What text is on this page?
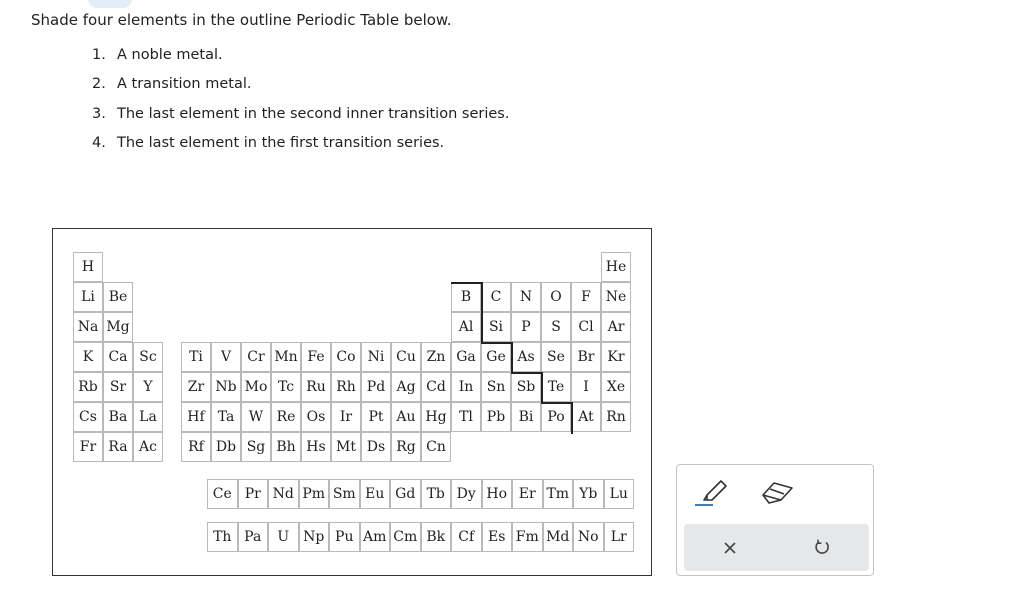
Shade four elements in the outline Periodic Table below.
1. A noble metal.
2. A transition metal.
3. The last element in the second inner transition series.
4. The last element in the first transition series.
H	He
Li Be	B	C	N	O	F	Ne
Na Mg	Al	Si	P	S	Cl	Ar
K	Ca Sc	Ti	V	Cr Mn Fe Co Ni Cu Zn Ga Ge As Se Br Kr
Rb Sr	Y	Zr Nb Mo Tc Ru Rh Pd Ag Cd In Sn Sb Te	I	Xe
Cs Ba La	Hf Ta	W Re Os	Ir	Pt Au Hg Tl Pb Bi Po At Rn
Fr Ra Ac	Rf Db Sg Bh Hs Mt Ds Rg Cn
Ce Pr Nd Pm Sm Eu Gd Tb Dy Ho Er Tm Yb Lu
Th Pa	U Np Pu Am Cm Bk Cf Es Fm Md No Lr
